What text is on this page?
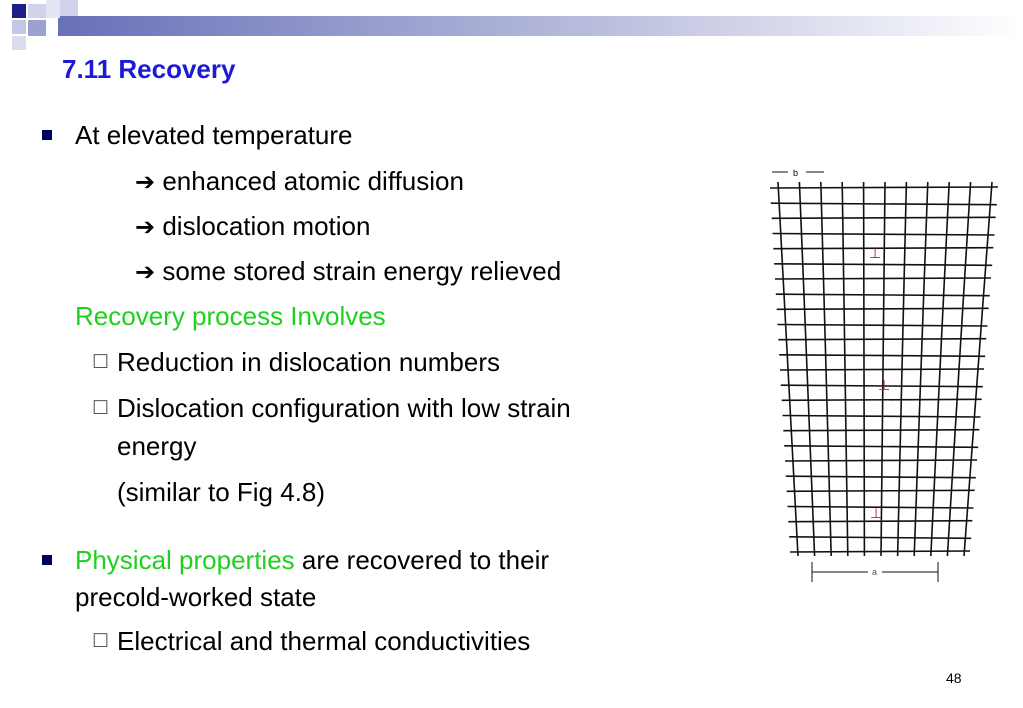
7.11 Recovery
At elevated temperature
➔ enhanced atomic diffusion
➔ dislocation motion
➔ some stored strain energy relieved
Recovery process Involves
☐ Reduction in dislocation numbers
☐ Dislocation configuration with low strain
energy
(similar to Fig 4.8)
Physical properties are recovered to their
precold-worked state
☐ Electrical and thermal conductivities
48
b
a
⊥
⊥
⊥
